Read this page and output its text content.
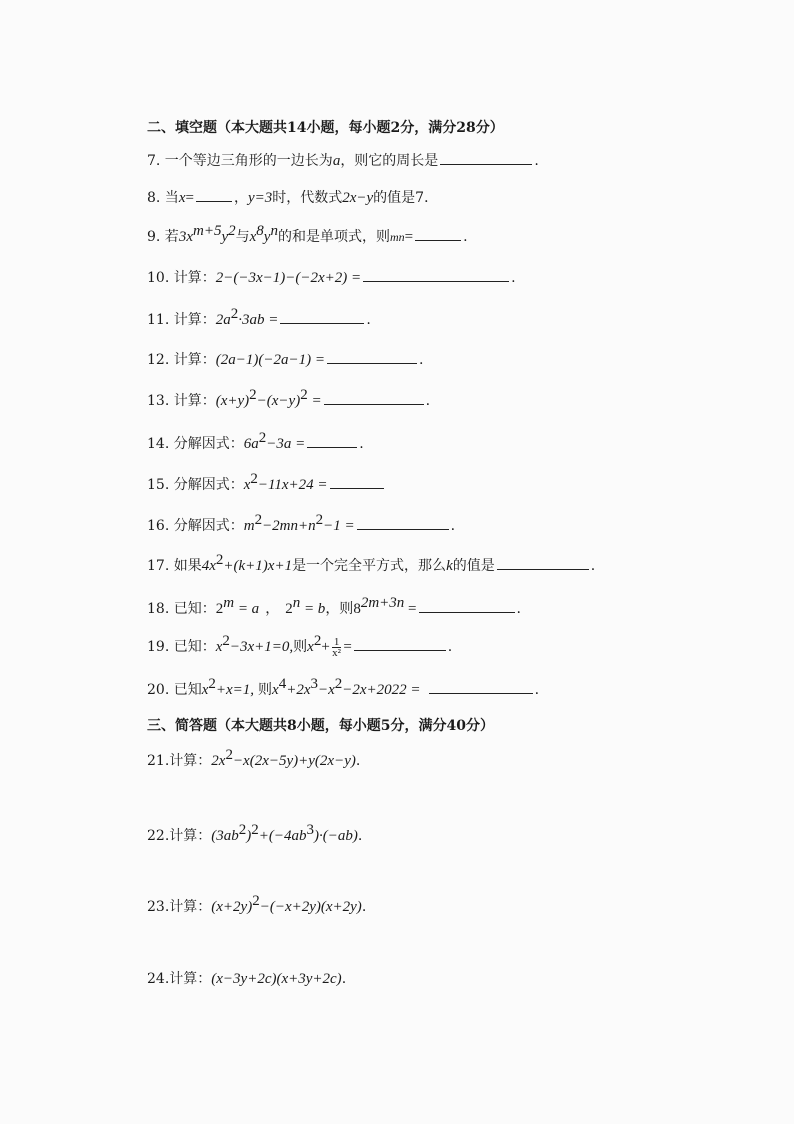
二、填空题（本大题共14小题，每小题2分，满分28分）
7. 一个等边三角形的一边长为a，则它的周长是	.
8. 当x=	，y=3时，代数式2x−y的值是7．
9. 若$3x^{m+5}y^2$与$x^8y^n$的和是单项式，则mn=	.
10. 计算：2−(−3x−1)−(−2x+2) =	.
11. 计算：$2a^2\cdot 3ab$ =	.
12. 计算：(2a−1)(−2a−1) =	.
13. 计算：$(x+y)^2-(x-y)^2$ =	.
14. 分解因式：$6a^2-3a$ =	.
15. 分解因式：$x^2-11x+24$ =
16. 分解因式：$m^2-2mn+n^2-1$ =	.
17. 如果$4x^2+(k+1)x+1$是一个完全平方式，那么k的值是	.
18. 已知：$2^m = a$ ， $2^n = b$，则$8^{2m+3n}$ =	.
19. 已知：$x^2-3x+1=0$,则$x^2+ \frac{1}{\text{x²}}$ =	.
20. 已知$x^2+x=1$, 则$x^4+2x^3-x^2-2x+2022$ =	.
三、简答题（本大题共8小题，每小题5分，满分40分）
21.计算：$2x^2-x(2x-5y)+y(2x-y)$.
22.计算：$(3ab^2)^2+(-4ab^3)\cdot(-ab)$.
23.计算：$(x+2y)^2-(-x+2y)(x+2y)$.
24.计算：(x−3y+2c)(x+3y+2c).
